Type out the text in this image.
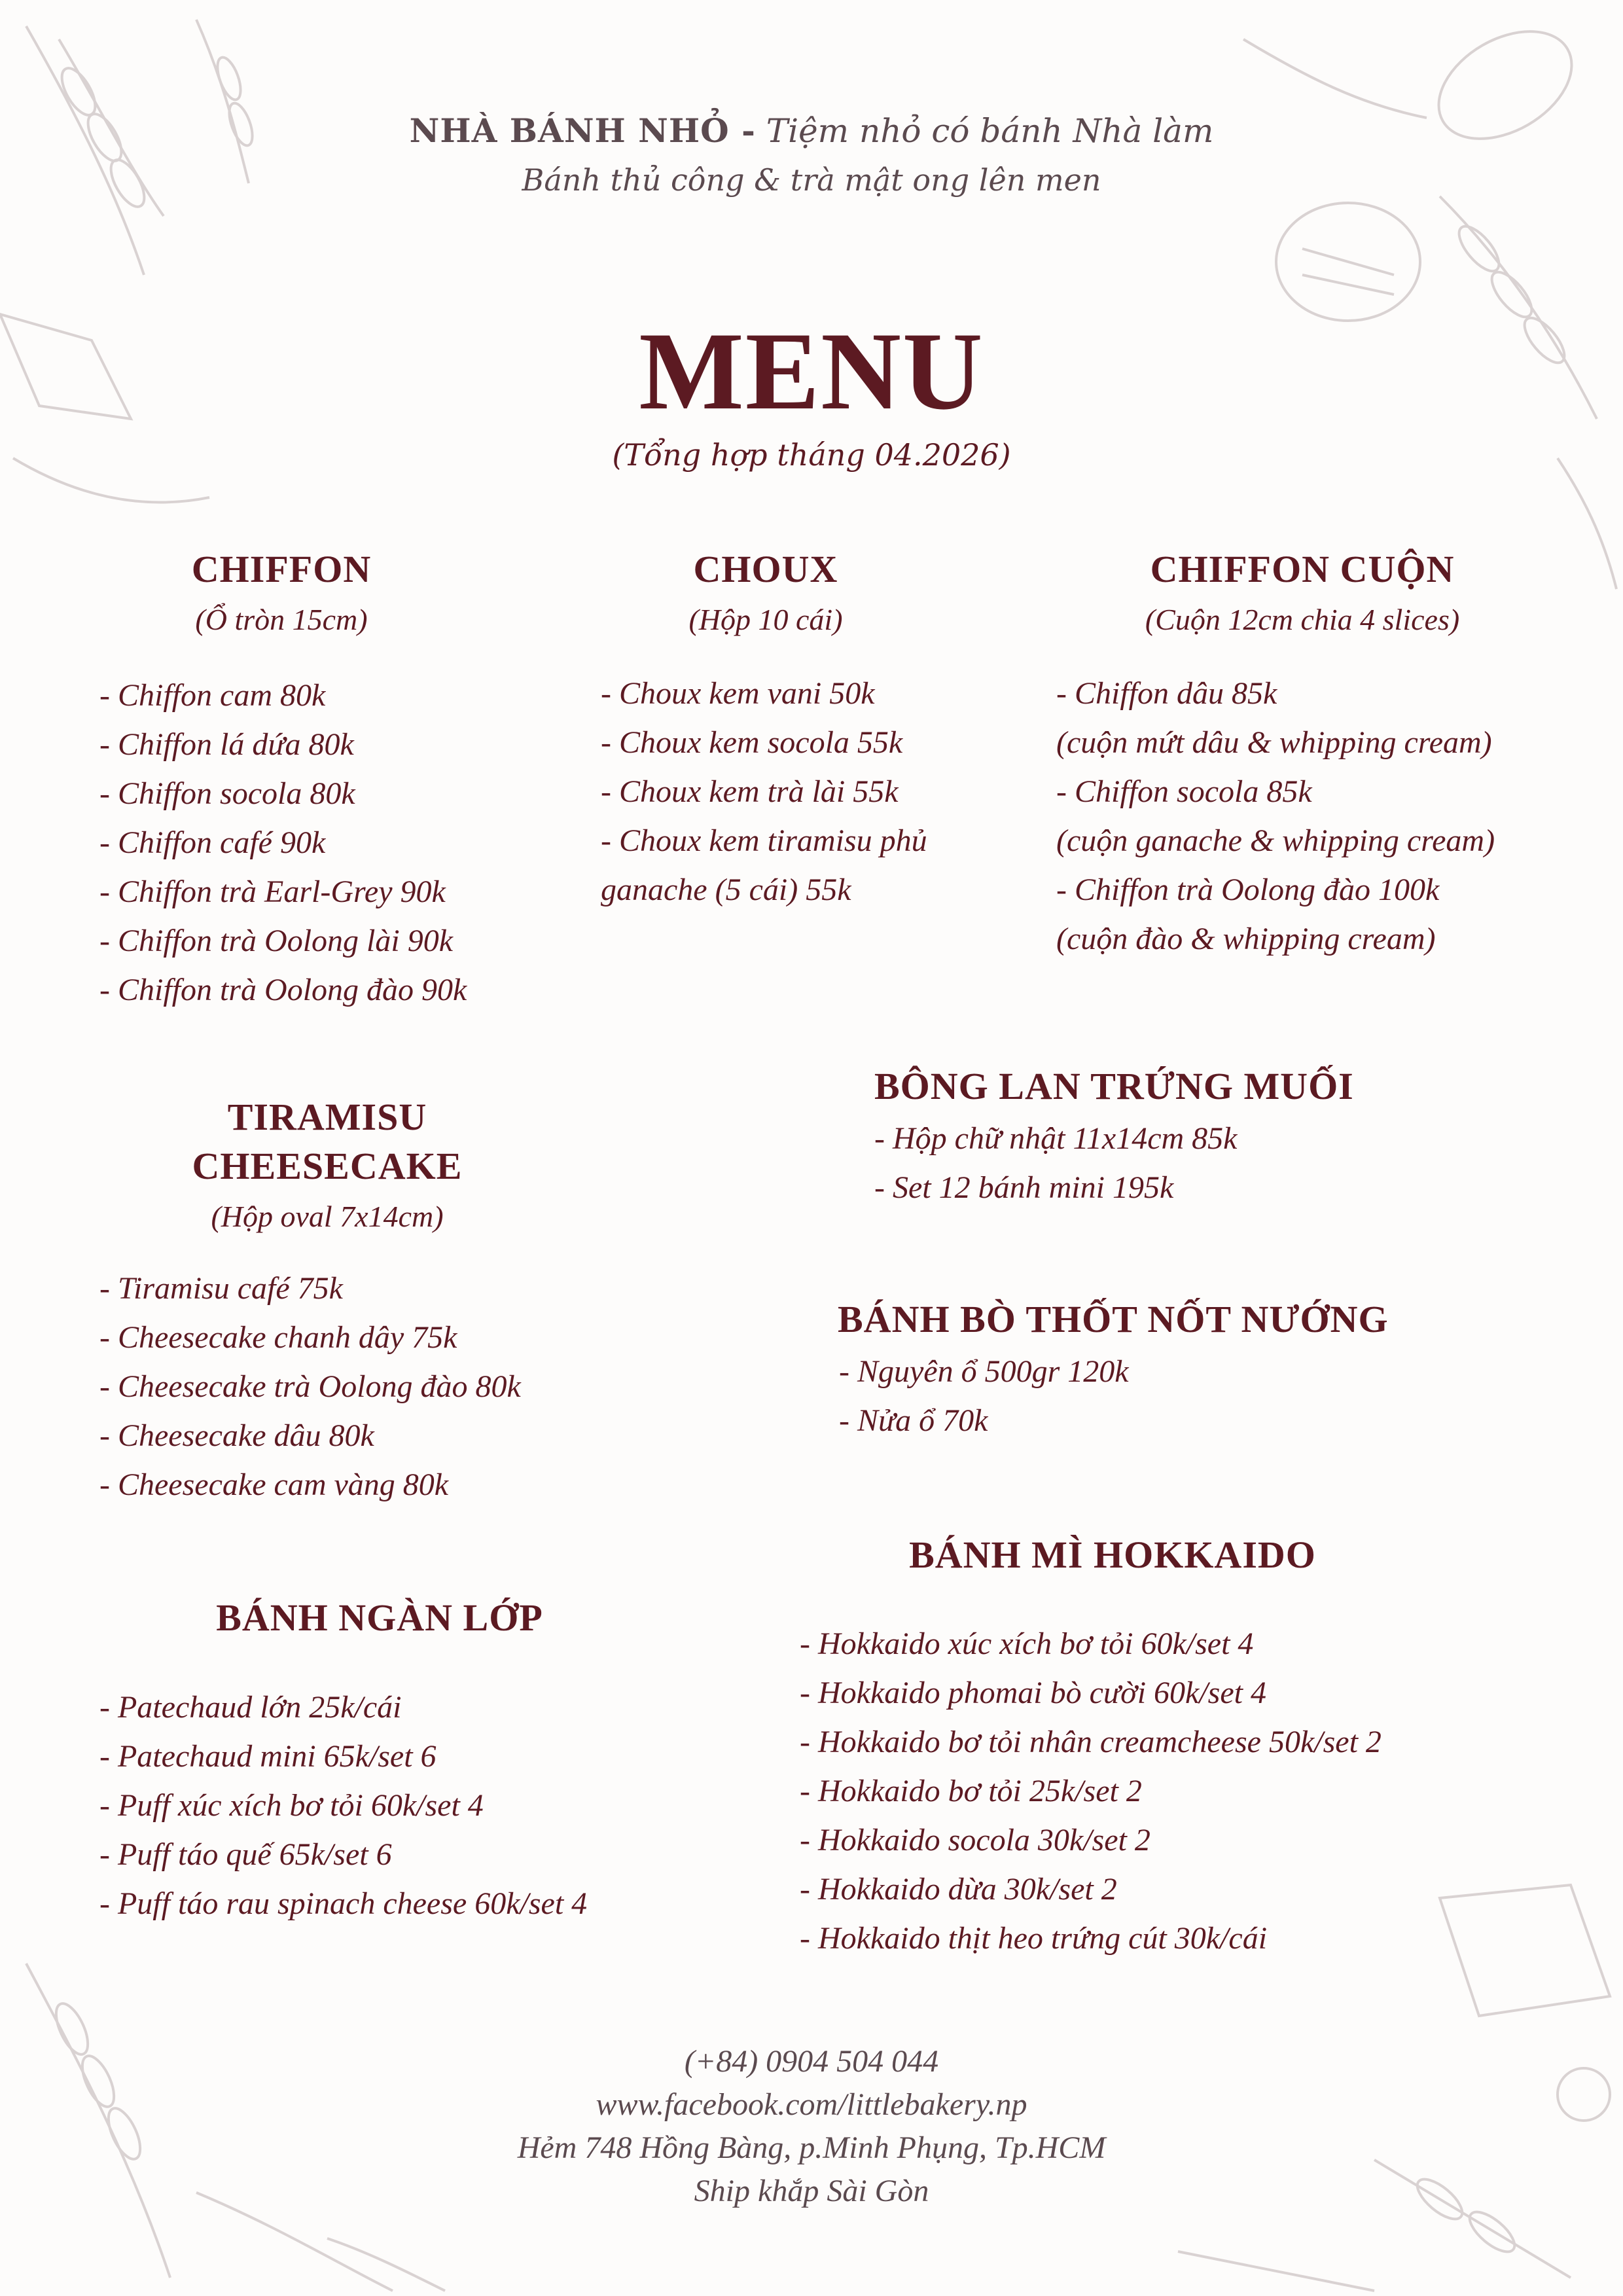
NHÀ BÁNH NHỎ - Tiệm nhỏ có bánh Nhà làm
Bánh thủ công & trà mật ong lên men
MENU
(Tổng hợp tháng 04.2026)
CHIFFON
(Ổ tròn 15cm)
- Chiffon cam 80k
- Chiffon lá dứa 80k
- Chiffon socola 80k
- Chiffon café 90k
- Chiffon trà Earl-Grey 90k
- Chiffon trà Oolong lài 90k
- Chiffon trà Oolong đào 90k
CHOUX
(Hộp 10 cái)
- Choux kem vani 50k
- Choux kem socola 55k
- Choux kem trà lài 55k
- Choux kem tiramisu phủ
ganache (5 cái) 55k
CHIFFON CUỘN
(Cuộn 12cm chia 4 slices)
- Chiffon dâu 85k
(cuộn mứt dâu & whipping cream)
- Chiffon socola 85k
(cuộn ganache & whipping cream)
- Chiffon trà Oolong đào 100k
(cuộn đào & whipping cream)
TIRAMISU
CHEESECAKE
(Hộp oval 7x14cm)
- Tiramisu café 75k
- Cheesecake chanh dây 75k
- Cheesecake trà Oolong đào 80k
- Cheesecake dâu 80k
- Cheesecake cam vàng 80k
BÔNG LAN TRỨNG MUỐI
- Hộp chữ nhật 11x14cm 85k
- Set 12 bánh mini 195k
BÁNH BÒ THỐT NỐT NƯỚNG
- Nguyên ổ 500gr 120k
- Nửa ổ 70k
BÁNH NGÀN LỚP
- Patechaud lớn 25k/cái
- Patechaud mini 65k/set 6
- Puff xúc xích bơ tỏi 60k/set 4
- Puff táo quế 65k/set 6
- Puff táo rau spinach cheese 60k/set 4
BÁNH MÌ HOKKAIDO
- Hokkaido xúc xích bơ tỏi 60k/set 4
- Hokkaido phomai bò cười 60k/set 4
- Hokkaido bơ tỏi nhân creamcheese 50k/set 2
- Hokkaido bơ tỏi 25k/set 2
- Hokkaido socola 30k/set 2
- Hokkaido dừa 30k/set 2
- Hokkaido thịt heo trứng cút 30k/cái
(+84) 0904 504 044
www.facebook.com/littlebakery.np
Hẻm 748 Hồng Bàng, p.Minh Phụng, Tp.HCM
Ship khắp Sài Gòn
